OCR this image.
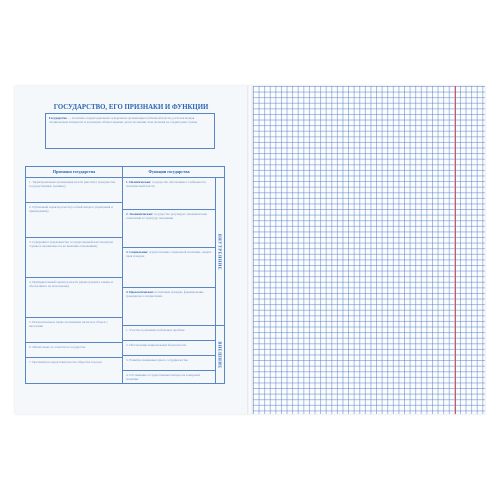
ГОСУДАРСТВО, ЕГО ПРИЗНАКИ И ФУНКЦИИ
Государство — политико-территориальная суверенная организация публичной власти, располагающая специальным аппаратом и делающая обязательными для исполнения свои веления на территории страны
Признаки государства	Функции государства
1. Территориальная организация власти (институт гражданства, государственные границы)
2. Публичный характер власти (особый аппарат управления и принуждения)
3. Суверенитет (верховенство государственной власти внутри страны и независимость во внешних отношениях)
4. Принудительный характер власти (право издавать законы и обеспечивать их исполнение)
5. Исключительное право на взимание налогов и сборов с населения
6. Обязательность членства в государстве
7. Претензия на представительство общества в целом
1. Политическая: государство обеспечивает стабильность политической власти
2. Экономическая: государство регулирует экономические отношения и структуру экономики
3. Социальная: осуществление социальной политики, защита прав граждан
4. Идеологическая: воспитание граждан, формирование гражданского патриотизма
1. Участие в решении глобальных проблем
2. Обеспечение национальной безопасности
3. Развитие взаимовыгодного сотрудничества
4. Отстаивание государственных интересов в мировой политике
ВНУТРЕННИЕ
ВНЕШНИЕ
